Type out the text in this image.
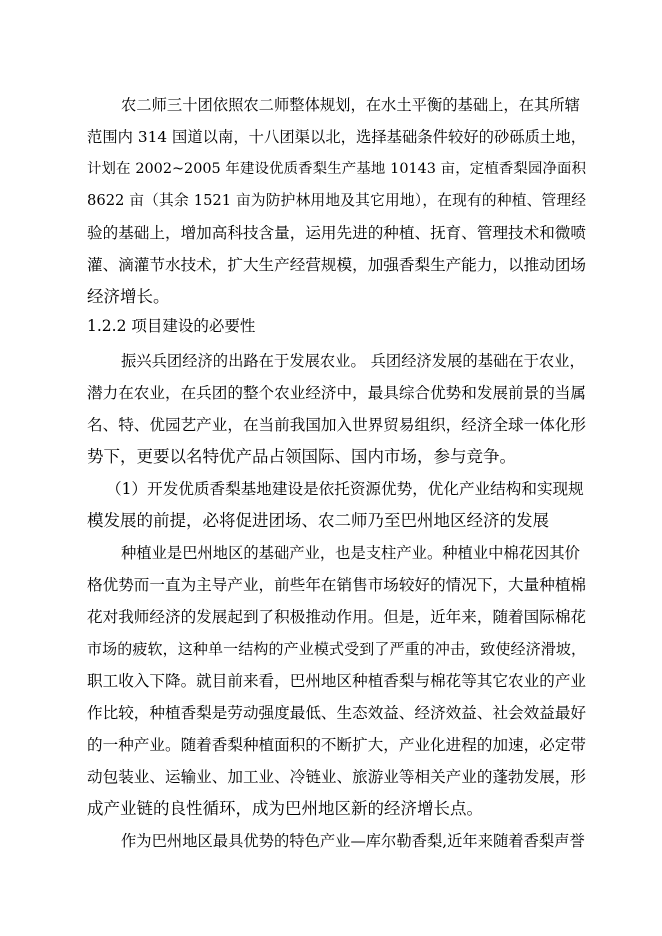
农二师三十团依照农二师整体规划，在水土平衡的基础上，在其所辖
范围内 314 国道以南，十八团渠以北，选择基础条件较好的砂砾质土地，
计划在 2002~2005 年建设优质香梨生产基地 10143 亩，定植香梨园净面积
8622 亩（其余 1521 亩为防护林用地及其它用地），在现有的种植、管理经
验的基础上，增加高科技含量，运用先进的种植、抚育、管理技术和微喷
灌、滴灌节水技术，扩大生产经营规模，加强香梨生产能力，以推动团场
经济增长。
1.2.2 项目建设的必要性
振兴兵团经济的出路在于发展农业。 兵团经济发展的基础在于农业，
潜力在农业，在兵团的整个农业经济中，最具综合优势和发展前景的当属
名、特、优园艺产业，在当前我国加入世界贸易组织，经济全球一体化形
势下，更要以名特优产品占领国际、国内市场，参与竞争。
（1）开发优质香梨基地建设是依托资源优势，优化产业结构和实现规
模发展的前提，必将促进团场、农二师乃至巴州地区经济的发展
种植业是巴州地区的基础产业，也是支柱产业。种植业中棉花因其价
格优势而一直为主导产业，前些年在销售市场较好的情况下，大量种植棉
花对我师经济的发展起到了积极推动作用。但是，近年来，随着国际棉花
市场的疲软，这种单一结构的产业模式受到了严重的冲击，致使经济滑坡，
职工收入下降。就目前来看，巴州地区种植香梨与棉花等其它农业的产业
作比较，种植香梨是劳动强度最低、生态效益、经济效益、社会效益最好
的一种产业。随着香梨种植面积的不断扩大，产业化进程的加速，必定带
动包装业、运输业、加工业、冷链业、旅游业等相关产业的蓬勃发展，形
成产业链的良性循环，成为巴州地区新的经济增长点。
作为巴州地区最具优势的特色产业—库尔勒香梨,近年来随着香梨声誉
